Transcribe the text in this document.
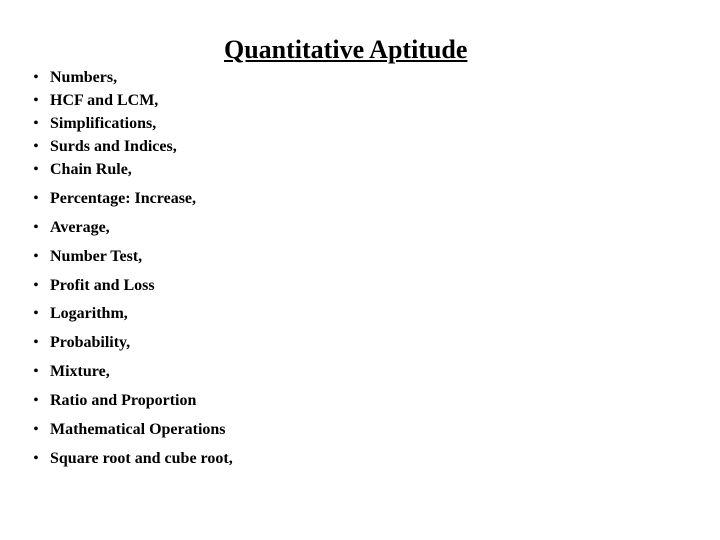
Quantitative Aptitude
• Numbers,
• HCF and LCM,
• Simplifications,
• Surds and Indices,
• Chain Rule,
• Percentage: Increase,
• Average,
• Number Test,
• Profit and Loss
• Logarithm,
• Probability,
• Mixture,
• Ratio and Proportion
• Mathematical Operations
• Square root and cube root,
